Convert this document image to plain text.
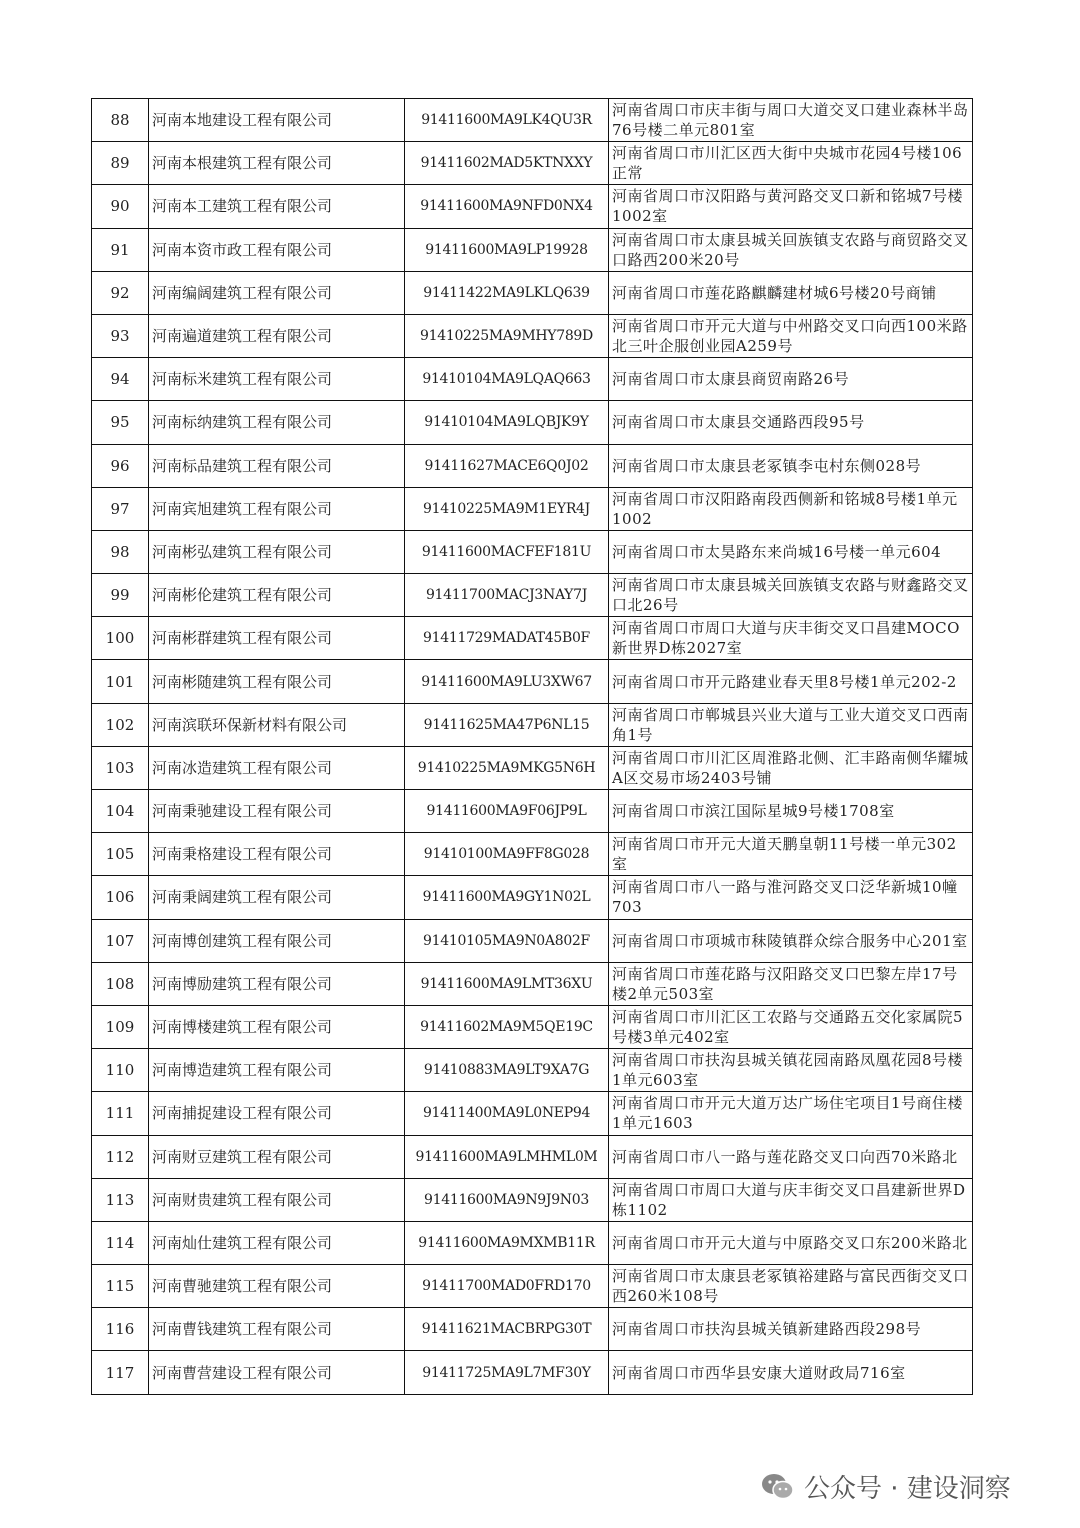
88	河南本地建设工程有限公司	91411600MA9LK4QU3R	河南省周口市庆丰街与周口大道交叉口建业森林半岛76号楼二单元801室
89	河南本根建筑工程有限公司	91411602MAD5KTNXXY	河南省周口市川汇区西大街中央城市花园4号楼106正常
90	河南本工建筑工程有限公司	91411600MA9NFD0NX4	河南省周口市汉阳路与黄河路交叉口新和铭城7号楼1002室
91	河南本资市政工程有限公司	91411600MA9LP19928	河南省周口市太康县城关回族镇支农路与商贸路交叉口路西200米20号
92	河南编阔建筑工程有限公司	91411422MA9LKLQ639	河南省周口市莲花路麒麟建材城6号楼20号商铺
93	河南遍道建筑工程有限公司	91410225MA9MHY789D	河南省周口市开元大道与中州路交叉口向西100米路北三叶企服创业园A259号
94	河南标米建筑工程有限公司	91410104MA9LQAQ663	河南省周口市太康县商贸南路26号
95	河南标纳建筑工程有限公司	91410104MA9LQBJK9Y	河南省周口市太康县交通路西段95号
96	河南标品建筑工程有限公司	91411627MACE6Q0J02	河南省周口市太康县老冢镇李屯村东侧028号
97	河南宾旭建筑工程有限公司	91410225MA9M1EYR4J	河南省周口市汉阳路南段西侧新和铭城8号楼1单元1002
98	河南彬弘建筑工程有限公司	91411600MACFEF181U	河南省周口市太昊路东来尚城16号楼一单元604
99	河南彬伦建筑工程有限公司	91411700MACJ3NAY7J	河南省周口市太康县城关回族镇支农路与财鑫路交叉口北26号
100	河南彬群建筑工程有限公司	91411729MADAT45B0F	河南省周口市周口大道与庆丰街交叉口昌建MOCO新世界D栋2027室
101	河南彬随建筑工程有限公司	91411600MA9LU3XW67	河南省周口市开元路建业春天里8号楼1单元202-2
102	河南滨联环保新材料有限公司	91411625MA47P6NL15	河南省周口市郸城县兴业大道与工业大道交叉口西南角1号
103	河南冰造建筑工程有限公司	91410225MA9MKG5N6H	河南省周口市川汇区周淮路北侧、汇丰路南侧华耀城A区交易市场2403号铺
104	河南秉驰建设工程有限公司	91411600MA9F06JP9L	河南省周口市滨江国际星城9号楼1708室
105	河南秉格建设工程有限公司	91410100MA9FF8G028	河南省周口市开元大道天鹏皇朝11号楼一单元302室
106	河南秉阔建筑工程有限公司	91411600MA9GY1N02L	河南省周口市八一路与淮河路交叉口泛华新城10幢703
107	河南博创建筑工程有限公司	91410105MA9N0A802F	河南省周口市项城市秣陵镇群众综合服务中心201室
108	河南博励建筑工程有限公司	91411600MA9LMT36XU	河南省周口市莲花路与汉阳路交叉口巴黎左岸17号楼2单元503室
109	河南博楼建筑工程有限公司	91411602MA9M5QE19C	河南省周口市川汇区工农路与交通路五交化家属院5号楼3单元402室
110	河南博造建筑工程有限公司	91410883MA9LT9XA7G	河南省周口市扶沟县城关镇花园南路凤凰花园8号楼1单元603室
111	河南捕捉建设工程有限公司	91411400MA9L0NEP94	河南省周口市开元大道万达广场住宅项目1号商住楼1单元1603
112	河南财豆建筑工程有限公司	91411600MA9LMHML0M	河南省周口市八一路与莲花路交叉口向西70米路北
113	河南财贵建筑工程有限公司	91411600MA9N9J9N03	河南省周口市周口大道与庆丰街交叉口昌建新世界D栋1102
114	河南灿仕建筑工程有限公司	91411600MA9MXMB11R	河南省周口市开元大道与中原路交叉口东200米路北
115	河南曹驰建筑工程有限公司	91411700MAD0FRD170	河南省周口市太康县老冢镇裕建路与富民西街交叉口西260米108号
116	河南曹钱建筑工程有限公司	91411621MACBRPG30T	河南省周口市扶沟县城关镇新建路西段298号
117	河南曹营建设工程有限公司	91411725MA9L7MF30Y	河南省周口市西华县安康大道财政局716室
公众号 · 建设洞察
